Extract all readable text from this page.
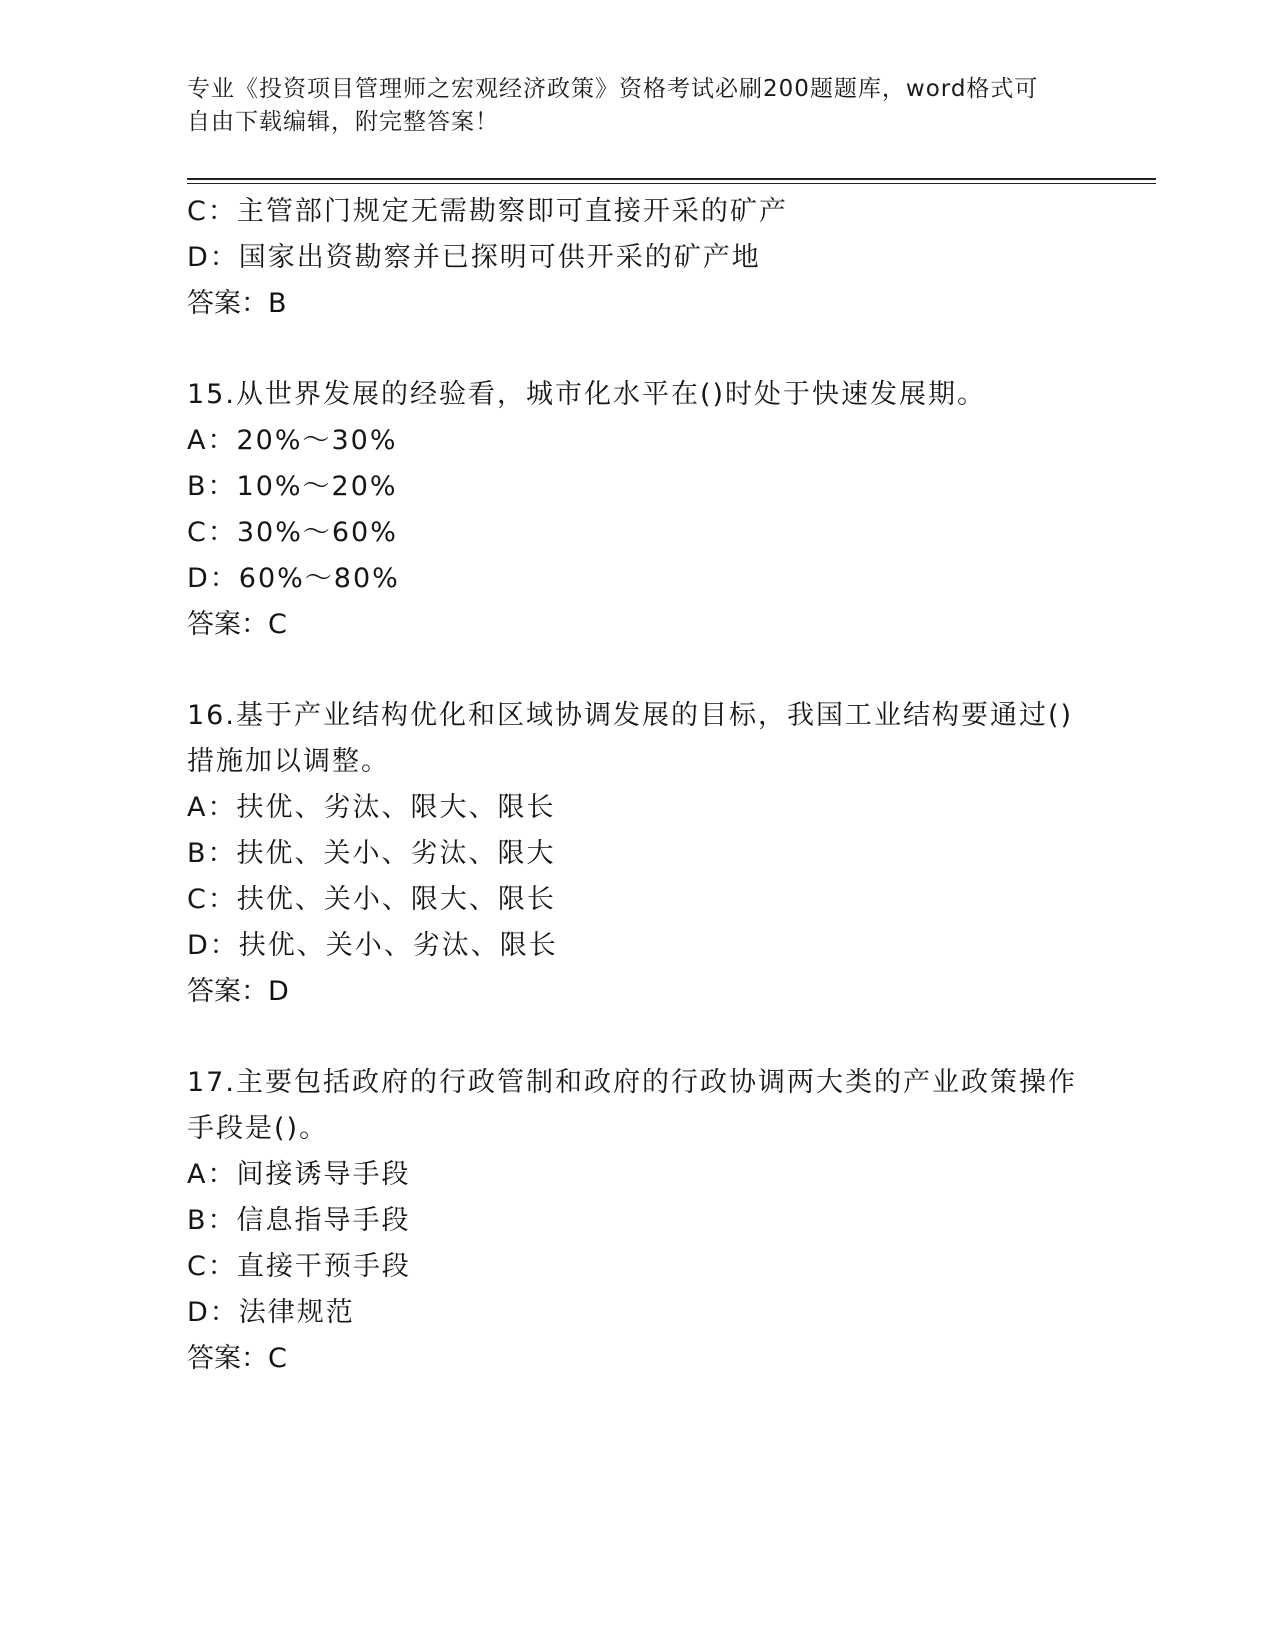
专业《投资项目管理师之宏观经济政策》资格考试必刷200题题库，word格式可
自由下载编辑，附完整答案！
C：主管部门规定无需勘察即可直接开采的矿产
D：国家出资勘察并已探明可供开采的矿产地
答案：B
15.从世界发展的经验看，城市化水平在()时处于快速发展期。
A：20%～30%
B：10%～20%
C：30%～60%
D：60%～80%
答案：C
16.基于产业结构优化和区域协调发展的目标，我国工业结构要通过()
措施加以调整。
A：扶优、劣汰、限大、限长
B：扶优、关小、劣汰、限大
C：扶优、关小、限大、限长
D：扶优、关小、劣汰、限长
答案：D
17.主要包括政府的行政管制和政府的行政协调两大类的产业政策操作
手段是()。
A：间接诱导手段
B：信息指导手段
C：直接干预手段
D：法律规范
答案：C
